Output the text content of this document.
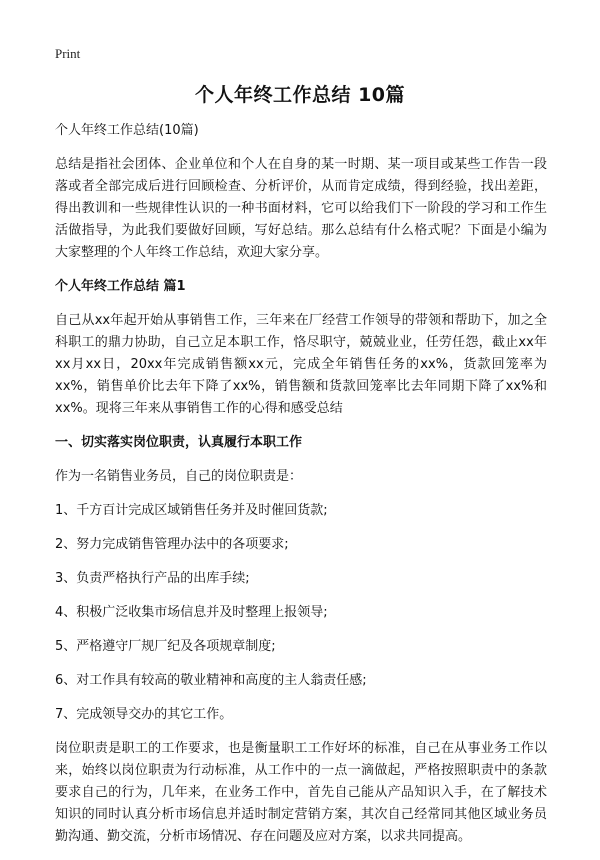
Print
个人年终工作总结 10篇

个人年终工作总结(10篇)

总结是指社会团体、企业单位和个人在自身的某一时期、某一项目或某些工作告一段落或者全部完成后进行回顾检查、分析评价，从而肯定成绩，得到经验，找出差距，得出教训和一些规律性认识的一种书面材料，它可以给我们下一阶段的学习和工作生活做指导，为此我们要做好回顾，写好总结。那么总结有什么格式呢？下面是小编为大家整理的个人年终工作总结，欢迎大家分享。

个人年终工作总结 篇1

自己从xx年起开始从事销售工作，三年来在厂经营工作领导的带领和帮助下，加之全科职工的鼎力协助，自己立足本职工作，恪尽职守，兢兢业业，任劳任怨，截止xx年xx月xx日，20xx年完成销售额xx元，完成全年销售任务的xx%，货款回笼率为xx%，销售单价比去年下降了xx%，销售额和货款回笼率比去年同期下降了xx%和xx%。现将三年来从事销售工作的心得和感受总结

一、切实落实岗位职责，认真履行本职工作

作为一名销售业务员，自己的岗位职责是：

1、千方百计完成区域销售任务并及时催回货款;

2、努力完成销售管理办法中的各项要求;

3、负责严格执行产品的出库手续;

4、积极广泛收集市场信息并及时整理上报领导;

5、严格遵守厂规厂纪及各项规章制度;

6、对工作具有较高的敬业精神和高度的主人翁责任感;

7、完成领导交办的其它工作。

岗位职责是职工的工作要求，也是衡量职工工作好坏的标准，自己在从事业务工作以来，始终以岗位职责为行动标准，从工作中的一点一滴做起，严格按照职责中的条款要求自己的行为，几年来，在业务工作中，首先自己能从产品知识入手，在了解技术知识的同时认真分析市场信息并适时制定营销方案，其次自己经常同其他区域业务员勤沟通、勤交流，分析市场情况、存在问题及应对方案，以求共同提高。
